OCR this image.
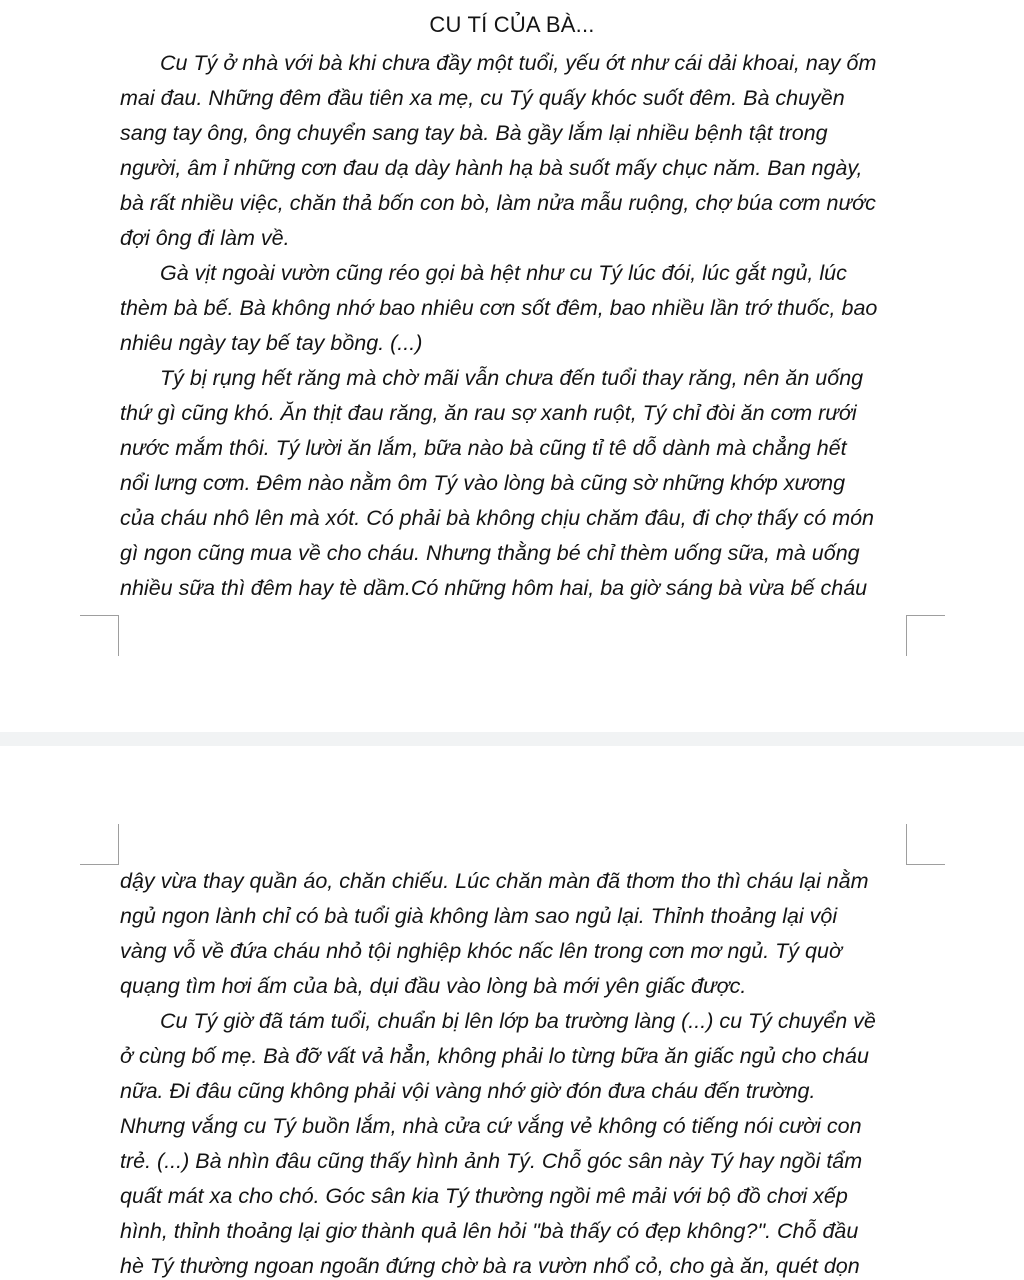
CU TÍ CỦA BÀ...
Cu Tý ở nhà với bà khi chưa đầy một tuổi, yếu ớt như cái dải khoai, nay ốm
mai đau. Những đêm đầu tiên xa mẹ, cu Tý quấy khóc suốt đêm. Bà chuyền
sang tay ông, ông chuyển sang tay bà. Bà gầy lắm lại nhiều bệnh tật trong
người, âm ỉ những cơn đau dạ dày hành hạ bà suốt mấy chục năm. Ban ngày,
bà rất nhiều việc, chăn thả bốn con bò, làm nửa mẫu ruộng, chợ búa cơm nước
đợi ông đi làm về.
Gà vịt ngoài vườn cũng réo gọi bà hệt như cu Tý lúc đói, lúc gắt ngủ, lúc
thèm bà bế. Bà không nhớ bao nhiêu cơn sốt đêm, bao nhiều lần trớ thuốc, bao
nhiêu ngày tay bế tay bồng. (...)
Tý bị rụng hết răng mà chờ mãi vẫn chưa đến tuổi thay răng, nên ăn uống
thứ gì cũng khó. Ăn thịt đau răng, ăn rau sợ xanh ruột, Tý chỉ đòi ăn cơm rưới
nước mắm thôi. Tý lười ăn lắm, bữa nào bà cũng tỉ tê dỗ dành mà chẳng hết
nổi lưng cơm. Đêm nào nằm ôm Tý vào lòng bà cũng sờ những khớp xương
của cháu nhô lên mà xót. Có phải bà không chịu chăm đâu, đi chợ thấy có món
gì ngon cũng mua về cho cháu. Nhưng thằng bé chỉ thèm uống sữa, mà uống
nhiều sữa thì đêm hay tè dầm.Có những hôm hai, ba giờ sáng bà vừa bế cháu
dậy vừa thay quần áo, chăn chiếu. Lúc chăn màn đã thơm tho thì cháu lại nằm
ngủ ngon lành chỉ có bà tuổi già không làm sao ngủ lại. Thỉnh thoảng lại vội
vàng vỗ về đứa cháu nhỏ tội nghiệp khóc nấc lên trong cơn mơ ngủ. Tý quờ
quạng tìm hơi ấm của bà, dụi đầu vào lòng bà mới yên giấc được.
Cu Tý giờ đã tám tuổi, chuẩn bị lên lớp ba trường làng (...) cu Tý chuyển về
ở cùng bố mẹ. Bà đỡ vất vả hẳn, không phải lo từng bữa ăn giấc ngủ cho cháu
nữa. Đi đâu cũng không phải vội vàng nhớ giờ đón đưa cháu đến trường.
Nhưng vắng cu Tý buồn lắm, nhà cửa cứ vắng vẻ không có tiếng nói cười con
trẻ. (...) Bà nhìn đâu cũng thấy hình ảnh Tý. Chỗ góc sân này Tý hay ngồi tẩm
quất mát xa cho chó. Góc sân kia Tý thường ngồi mê mải với bộ đồ chơi xếp
hình, thỉnh thoảng lại giơ thành quả lên hỏi "bà thấy có đẹp không?". Chỗ đầu
hè Tý thường ngoan ngoãn đứng chờ bà ra vườn nhổ cỏ, cho gà ăn, quét dọn
